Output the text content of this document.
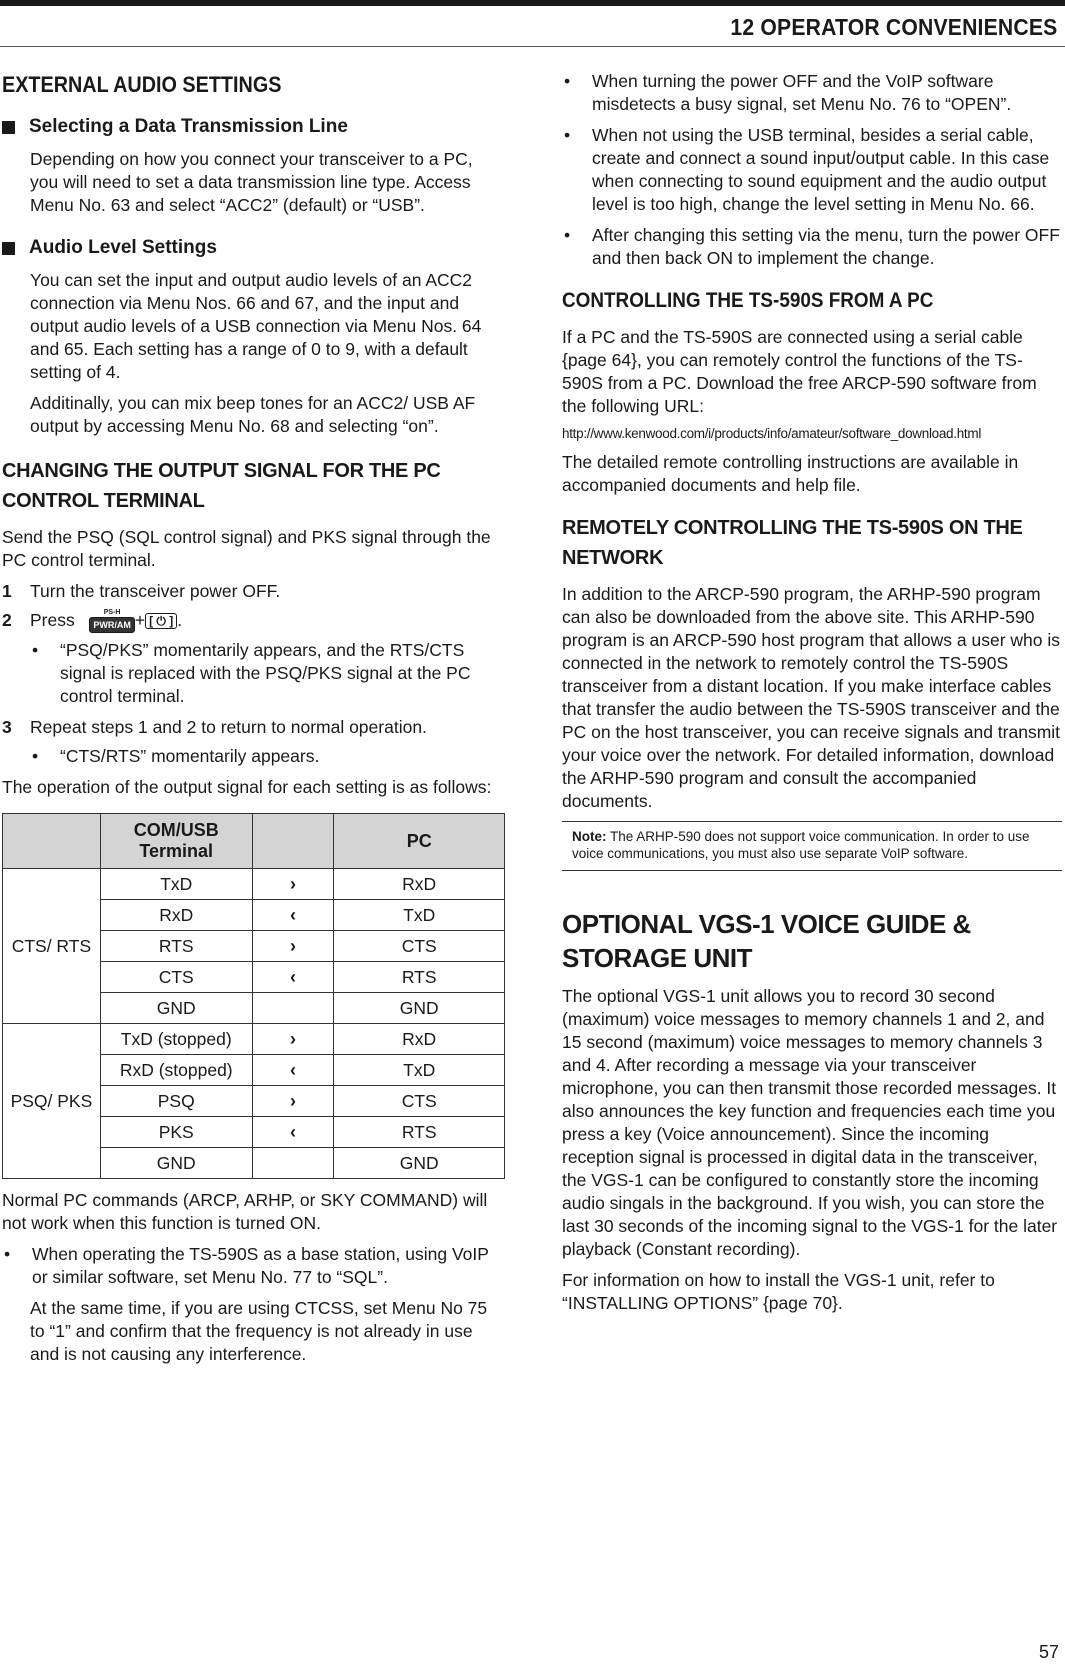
12 OPERATOR CONVENIENCES
EXTERNAL AUDIO SETTINGS
Selecting a Data Transmission Line

Depending on how you connect your transceiver to a PC, you will need to set a data transmission line type. Access Menu No. 63 and select “ACC2” (default) or “USB”.

Audio Level Settings

You can set the input and output audio levels of an ACC2 connection via Menu Nos. 66 and 67, and the input and output audio levels of a USB connection via Menu Nos. 64 and 65. Each setting has a range of 0 to 9, with a default setting of 4.

Additinally, you can mix beep tones for an ACC2/ USB AF output by accessing Menu No. 68 and selecting “on”.

CHANGING THE OUTPUT SIGNAL FOR THE PC CONTROL TERMINAL

Send the PSQ (SQL control signal) and PKS signal through the PC control terminal.

1	Turn the transceiver power OFF.
2	Press	PS-H
PWR/AM + [ ⏻ ] .
•	“PSQ/PKS” momentarily appears, and the RTS/CTS signal is replaced with the PSQ/PKS signal at the PC control terminal.
3	Repeat steps 1 and 2 to return to normal operation.
•	“CTS/RTS” momentarily appears.

The operation of the output signal for each setting is as follows:

	COM/USB Terminal		PC
CTS/ RTS	TxD	›	RxD
	RxD	‹	TxD
	RTS	›	CTS
	CTS	‹	RTS
	GND		GND
PSQ/ PKS	TxD (stopped)	›	RxD
	RxD (stopped)	‹	TxD
	PSQ	›	CTS
	PKS	‹	RTS
	GND		GND

Normal PC commands (ARCP, ARHP, or SKY COMMAND) will not work when this function is turned ON.

•	When operating the TS-590S as a base station, using VoIP or similar software, set Menu No. 77 to “SQL”.

At the same time, if you are using CTCSS, set Menu No 75 to “1” and confirm that the frequency is not already in use and is not causing any interference.

•	When turning the power OFF and the VoIP software misdetects a busy signal, set Menu No. 76 to “OPEN”.
•	When not using the USB terminal, besides a serial cable, create and connect a sound input/output cable. In this case when connecting to sound equipment and the audio output level is too high, change the level setting in Menu No. 66.
•	After changing this setting via the menu, turn the power OFF and then back ON to implement the change.
CONTROLLING THE TS-590S FROM A PC

If a PC and the TS-590S are connected using a serial cable {page 64}, you can remotely control the functions of the TS-590S from a PC. Download the free ARCP-590 software from the following URL:

http://www.kenwood.com/i/products/info/amateur/software_download.html

The detailed remote controlling instructions are available in accompanied documents and help file.

REMOTELY CONTROLLING THE TS-590S ON THE NETWORK

In addition to the ARCP-590 program, the ARHP-590 program can also be downloaded from the above site. This ARHP-590 program is an ARCP-590 host program that allows a user who is connected in the network to remotely control the TS-590S transceiver from a distant location. If you make interface cables that transfer the audio between the TS-590S transceiver and the PC on the host transceiver, you can receive signals and transmit your voice over the network. For detailed information, download the ARHP-590 program and consult the accompanied documents.

Note: The ARHP-590 does not support voice communication. In order to use voice communications, you must also use separate VoIP software.
OPTIONAL VGS-1 VOICE GUIDE & STORAGE UNIT

The optional VGS-1 unit allows you to record 30 second (maximum) voice messages to memory channels 1 and 2, and 15 second (maximum) voice messages to memory channels 3 and 4. After recording a message via your transceiver microphone, you can then transmit those recorded messages. It also announces the key function and frequencies each time you press a key (Voice announcement). Since the incoming reception signal is processed in digital data in the transceiver, the VGS-1 can be configured to constantly store the incoming audio singals in the background. If you wish, you can store the last 30 seconds of the incoming signal to the VGS-1 for the later playback (Constant recording).

For information on how to install the VGS-1 unit, refer to “INSTALLING OPTIONS” {page 70}.

57
